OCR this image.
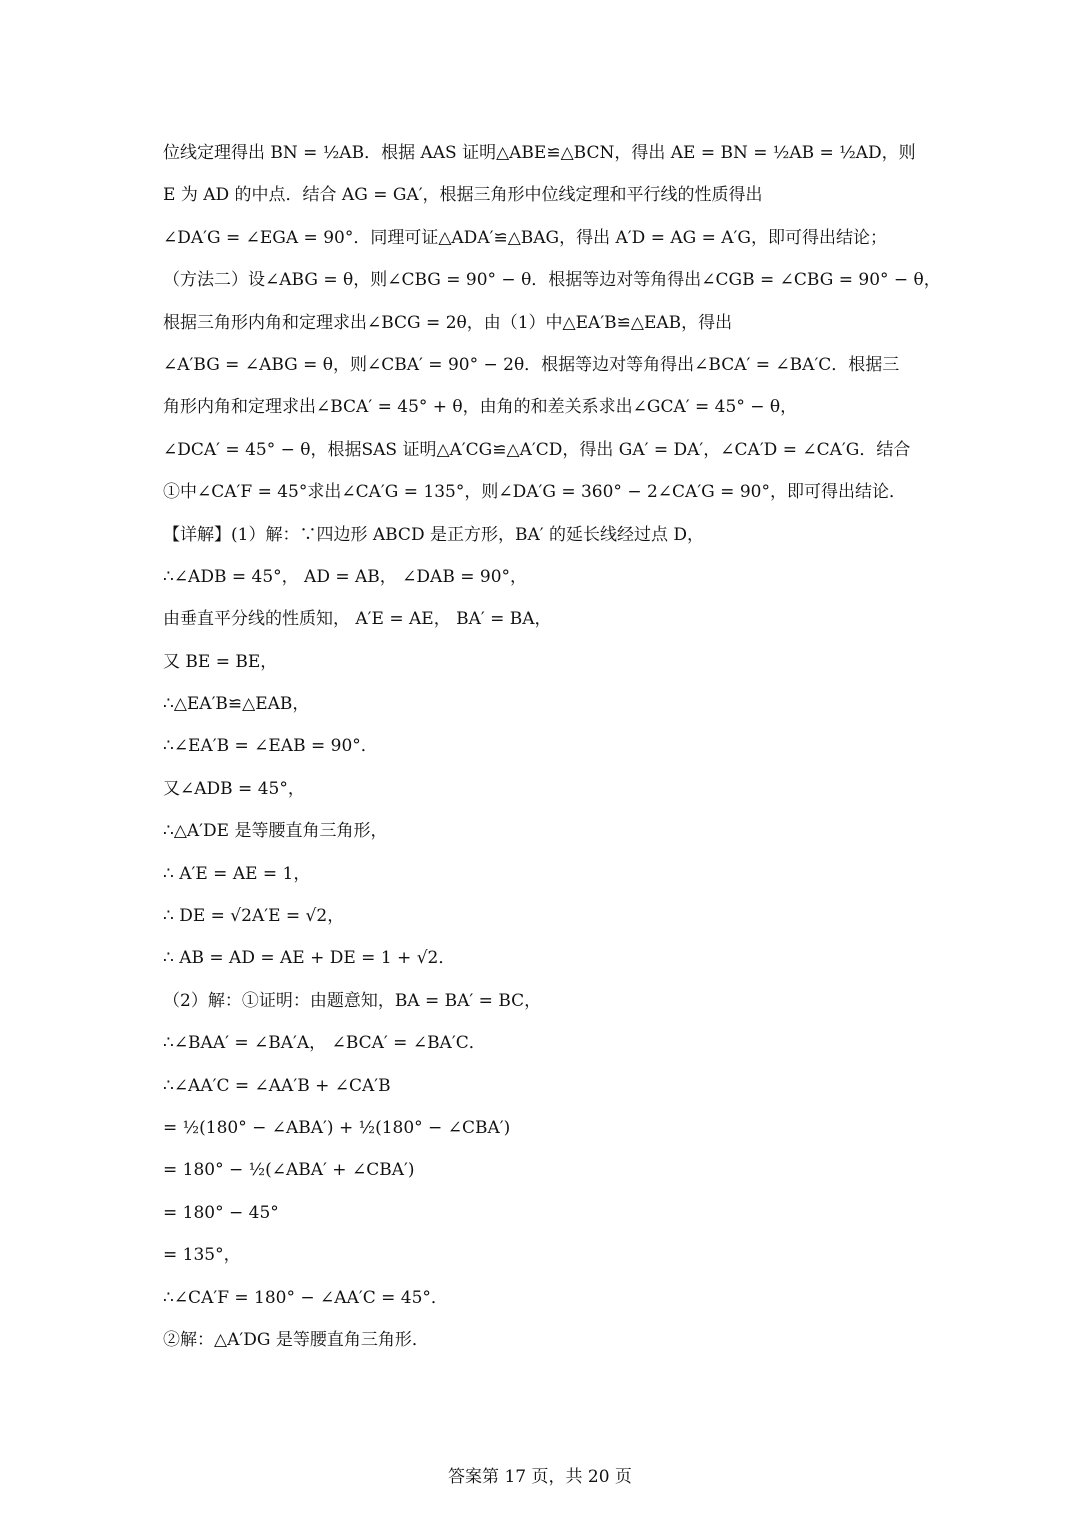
位线定理得出 BN = ½AB．根据 AAS 证明△ABE≌△BCN，得出 AE = BN = ½AB = ½AD，则
E 为 AD 的中点．结合 AG = GA′，根据三角形中位线定理和平行线的性质得出
∠DA′G = ∠EGA = 90°．同理可证△ADA′≌△BAG，得出 A′D = AG = A′G，即可得出结论；
（方法二）设∠ABG = θ，则∠CBG = 90° − θ．根据等边对等角得出∠CGB = ∠CBG = 90° − θ，
根据三角形内角和定理求出∠BCG = 2θ，由（1）中△EA′B≌△EAB，得出
∠A′BG = ∠ABG = θ，则∠CBA′ = 90° − 2θ．根据等边对等角得出∠BCA′ = ∠BA′C．根据三
角形内角和定理求出∠BCA′ = 45° + θ，由角的和差关系求出∠GCA′ = 45° − θ，
∠DCA′ = 45° − θ，根据SAS 证明△A′CG≌△A′CD，得出 GA′ = DA′，∠CA′D = ∠CA′G．结合
①中∠CA′F = 45°求出∠CA′G = 135°，则∠DA′G = 360° − 2∠CA′G = 90°，即可得出结论．
【详解】(1）解：∵四边形 ABCD 是正方形，BA′ 的延长线经过点 D，
∴∠ADB = 45°， AD = AB， ∠DAB = 90°，
由垂直平分线的性质知， A′E = AE， BA′ = BA，
又 BE = BE，
∴△EA′B≌△EAB，
∴∠EA′B = ∠EAB = 90°．
又∠ADB = 45°，
∴△A′DE 是等腰直角三角形，
∴ A′E = AE = 1，
∴ DE = √2A′E = √2，
∴ AB = AD = AE + DE = 1 + √2．
（2）解：①证明：由题意知，BA = BA′ = BC，
∴∠BAA′ = ∠BA′A， ∠BCA′ = ∠BA′C．
∴∠AA′C = ∠AA′B + ∠CA′B
= ½(180° − ∠ABA′) + ½(180° − ∠CBA′)
= 180° − ½(∠ABA′ + ∠CBA′)
= 180° − 45°
= 135°，
∴∠CA′F = 180° − ∠AA′C = 45°．
②解：△A′DG 是等腰直角三角形．
答案第 17 页，共 20 页
